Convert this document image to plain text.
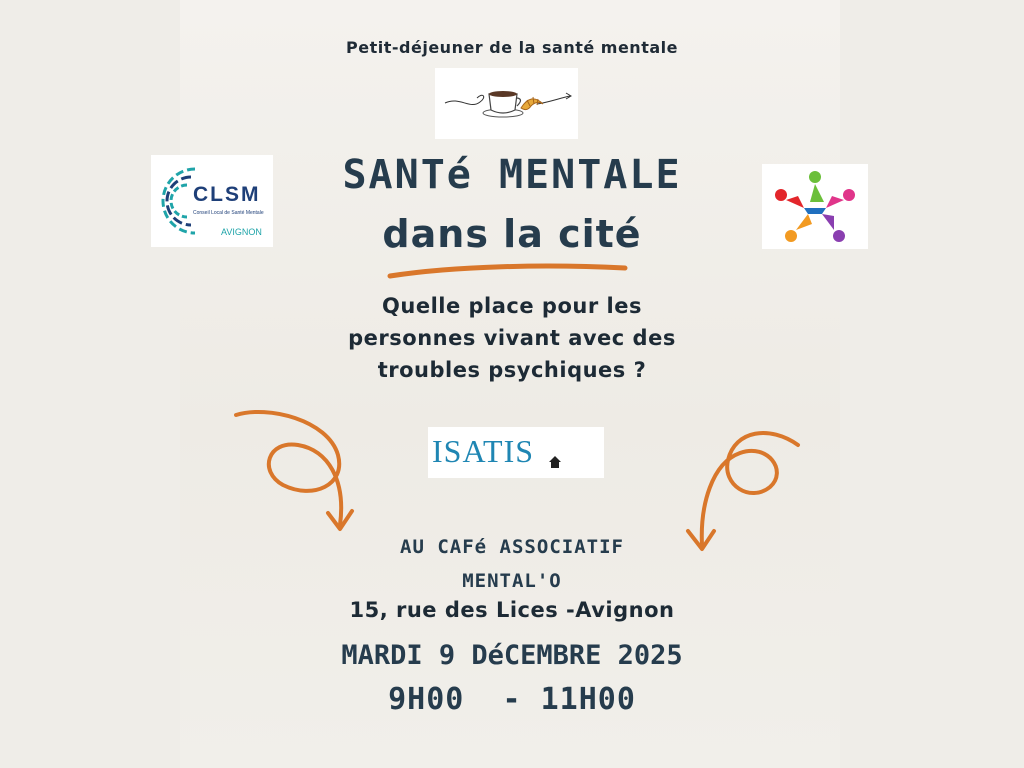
Petit-déjeuner de la santé mentale
CLSM
Conseil Local de Santé Mentale
AVIGNON
SANTé MENTALE
dans la cité
Quelle place pour les
personnes vivant avec des
troubles psychiques ?
ISATIS
AU CAFé ASSOCIATIF
MENTAL'O
15, rue des Lices -Avignon
MARDI 9 DéCEMBRE 2025
9H00  - 11H00
